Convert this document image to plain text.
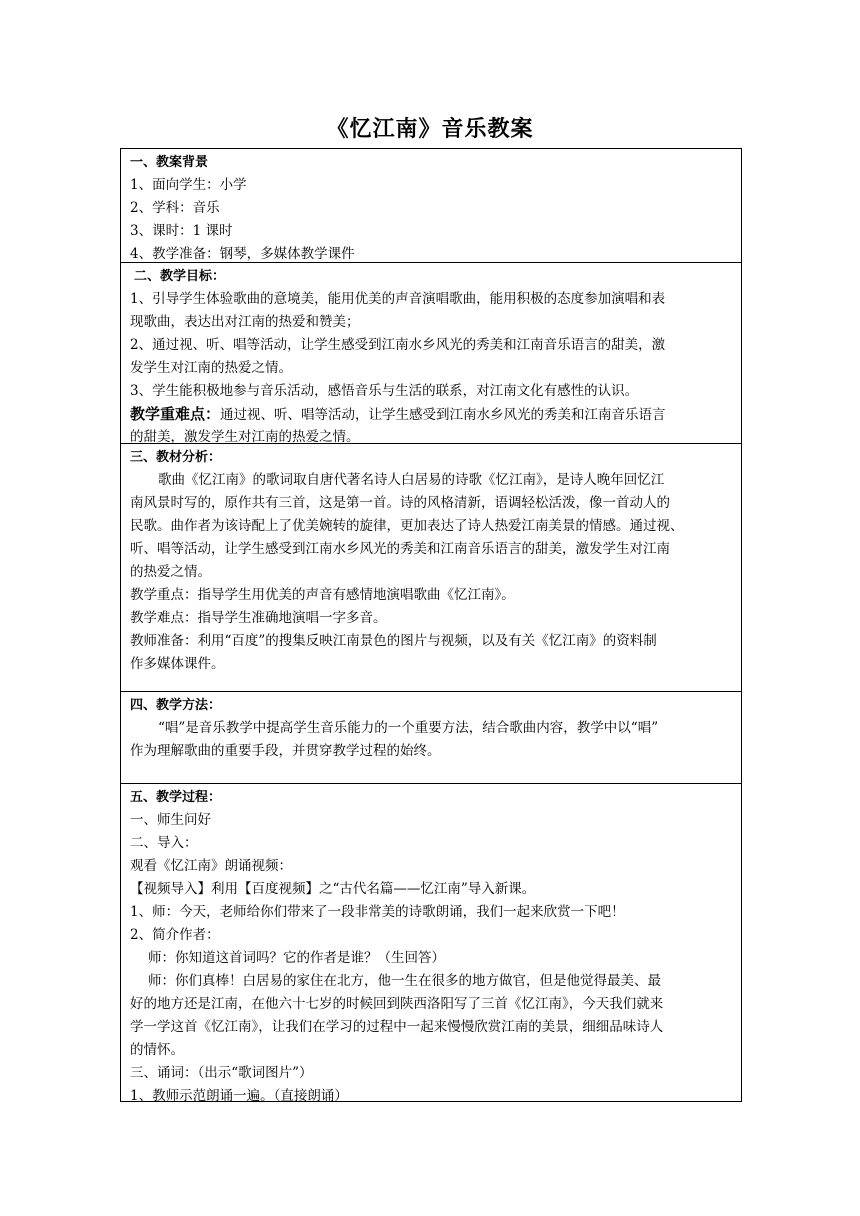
《忆江南》音乐教案
一、教案背景
1、面向学生：小学
2、学科：音乐
3、课时：1 课时
4、教学准备：钢琴，多媒体教学课件
二、教学目标：
1、引导学生体验歌曲的意境美，能用优美的声音演唱歌曲，能用积极的态度参加演唱和表
现歌曲，表达出对江南的热爱和赞美；
2、通过视、听、唱等活动，让学生感受到江南水乡风光的秀美和江南音乐语言的甜美，激
发学生对江南的热爱之情。
3、学生能积极地参与音乐活动，感悟音乐与生活的联系，对江南文化有感性的认识。
教学重难点：通过视、听、唱等活动，让学生感受到江南水乡风光的秀美和江南音乐语言
的甜美，激发学生对江南的热爱之情。
三、教材分析：
歌曲《忆江南》的歌词取自唐代著名诗人白居易的诗歌《忆江南》，是诗人晚年回忆江
南风景时写的，原作共有三首，这是第一首。诗的风格清新，语调轻松活泼，像一首动人的
民歌。曲作者为该诗配上了优美婉转的旋律，更加表达了诗人热爱江南美景的情感。通过视、
听、唱等活动，让学生感受到江南水乡风光的秀美和江南音乐语言的甜美，激发学生对江南
的热爱之情。
教学重点：指导学生用优美的声音有感情地演唱歌曲《忆江南》。
教学难点：指导学生准确地演唱一字多音。
教师准备：利用“百度”的搜集反映江南景色的图片与视频，以及有关《忆江南》的资料制
作多媒体课件。
四、教学方法：
“唱”是音乐教学中提高学生音乐能力的一个重要方法，结合歌曲内容，教学中以“唱”
作为理解歌曲的重要手段，并贯穿教学过程的始终。
五、教学过程：
一、师生问好
二、导入：
观看《忆江南》朗诵视频：
【视频导入】利用【百度视频】之“古代名篇——忆江南”导入新课。
1、师：今天，老师给你们带来了一段非常美的诗歌朗诵，我们一起来欣赏一下吧！
2、简介作者：
师：你知道这首词吗？它的作者是谁？（生回答）
师：你们真棒！白居易的家住在北方，他一生在很多的地方做官，但是他觉得最美、最
好的地方还是江南，在他六十七岁的时候回到陕西洛阳写了三首《忆江南》，今天我们就来
学一学这首《忆江南》，让我们在学习的过程中一起来慢慢欣赏江南的美景，细细品味诗人
的情怀。
三、诵词：（出示“歌词图片”）
1、教师示范朗诵一遍。（直接朗诵）
